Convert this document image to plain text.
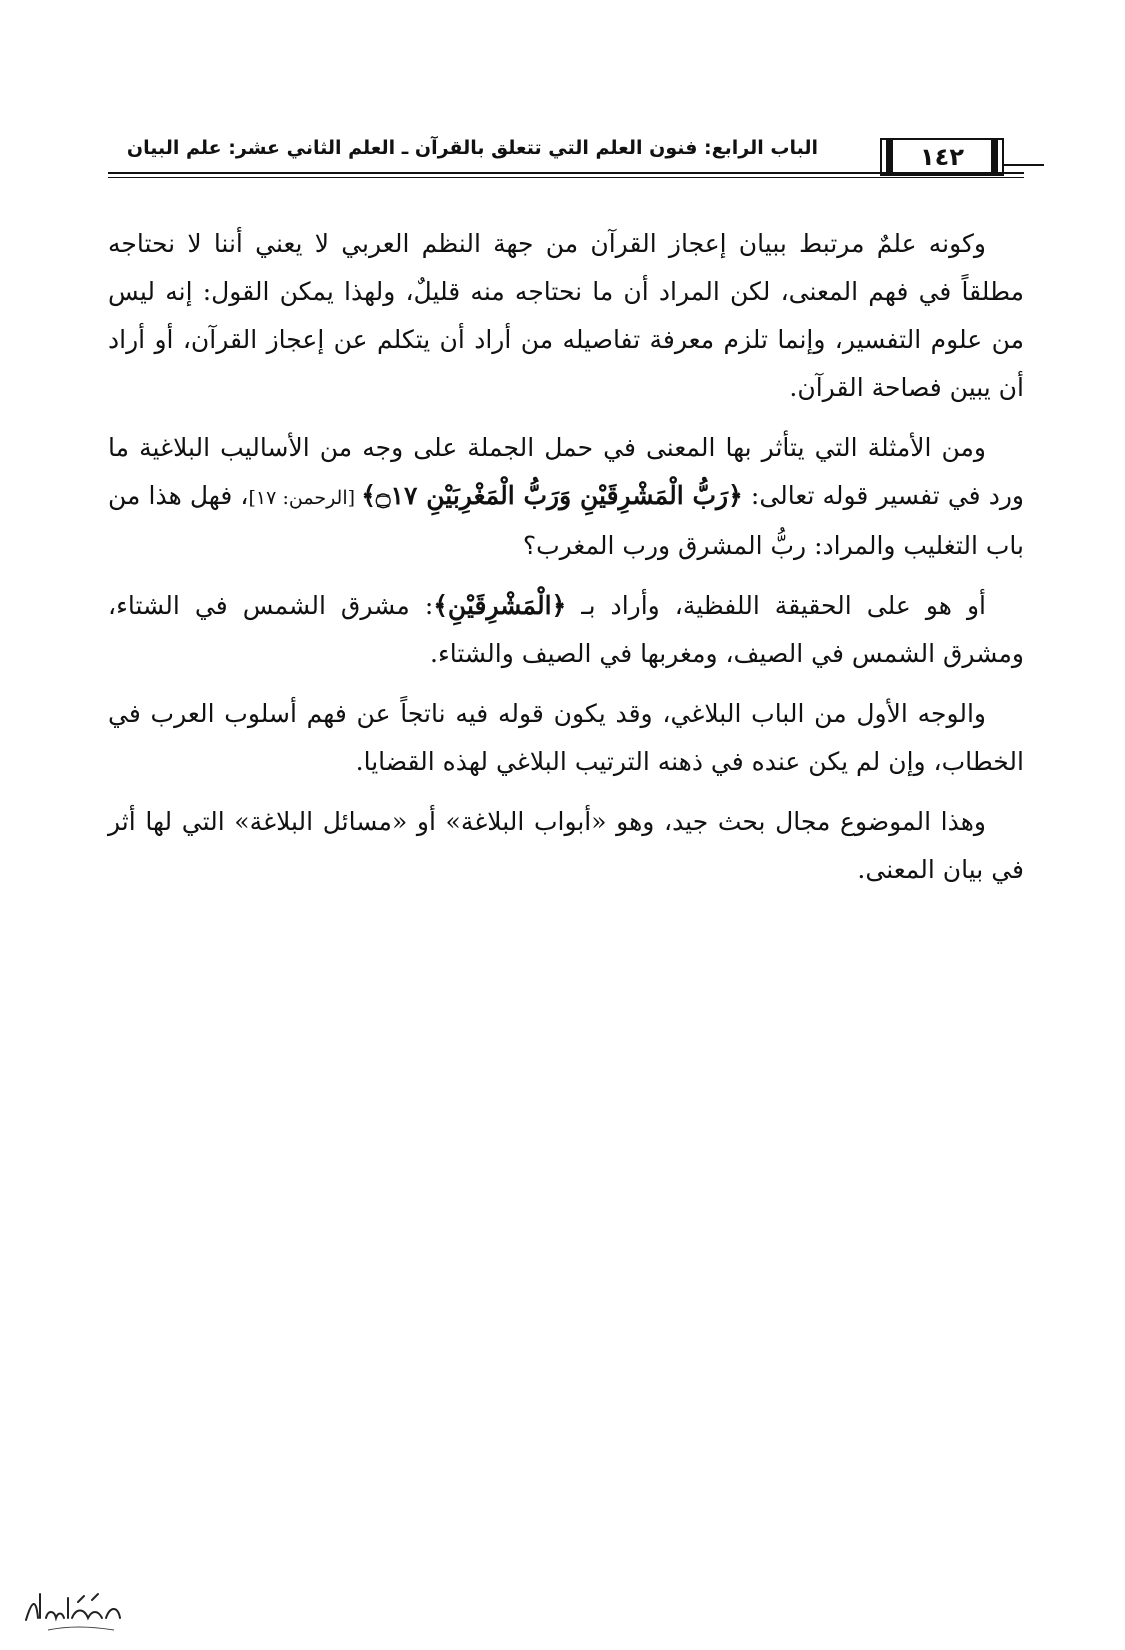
الباب الرابع: فنون العلم التي تتعلق بالقرآن ـ العلم الثاني عشر: علم البيان	١٤٢

وكونه علمٌ مرتبط ببيان إعجاز القرآن من جهة النظم العربي لا يعني أننا لا نحتاجه مطلقاً في فهم المعنى، لكن المراد أن ما نحتاجه منه قليلٌ، ولهذا يمكن القول: إنه ليس من علوم التفسير، وإنما تلزم معرفة تفاصيله من أراد أن يتكلم عن إعجاز القرآن، أو أراد أن يبين فصاحة القرآن.

ومن الأمثلة التي يتأثر بها المعنى في حمل الجملة على وجه من الأساليب البلاغية ما ورد في تفسير قوله تعالى: ﴿رَبُّ الْمَشْرِقَيْنِ وَرَبُّ الْمَغْرِبَيْنِ ۝١٧﴾ [الرحمن: ١٧]، فهل هذا من باب التغليب والمراد: ربُّ المشرق ورب المغرب؟

أو هو على الحقيقة اللفظية، وأراد بـ ﴿الْمَشْرِقَيْنِ﴾: مشرق الشمس في الشتاء، ومشرق الشمس في الصيف، ومغربها في الصيف والشتاء.

والوجه الأول من الباب البلاغي، وقد يكون قوله فيه ناتجاً عن فهم أسلوب العرب في الخطاب، وإن لم يكن عنده في ذهنه الترتيب البلاغي لهذه القضايا.

وهذا الموضوع مجال بحث جيد، وهو «أبواب البلاغة» أو «مسائل البلاغة» التي لها أثر في بيان المعنى.
